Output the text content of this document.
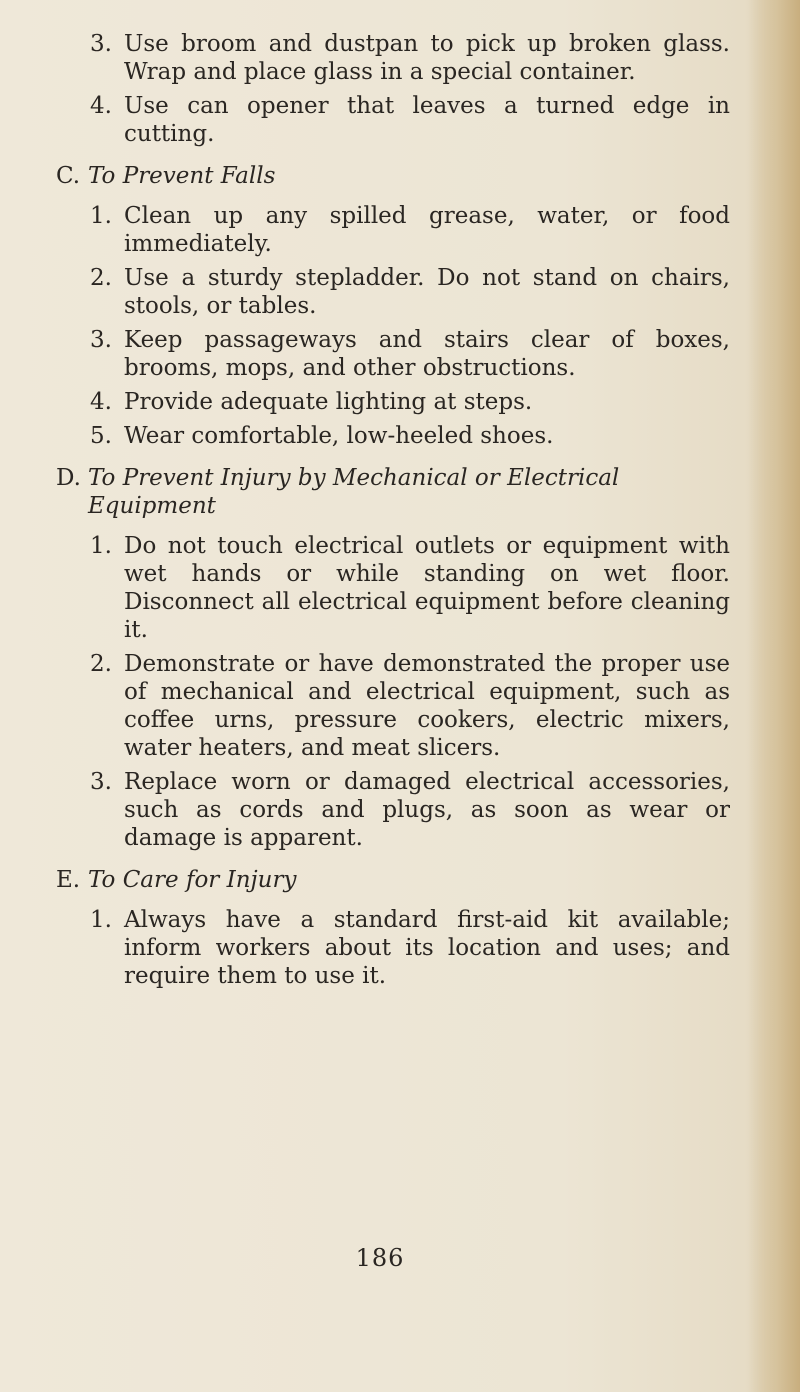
3. Use broom and dustpan to pick up broken glass. Wrap and place glass in a special container.
4. Use can opener that leaves a turned edge in cutting.
C. To Prevent Falls
1. Clean up any spilled grease, water, or food immediately.
2. Use a sturdy stepladder. Do not stand on chairs, stools, or tables.
3. Keep passageways and stairs clear of boxes, brooms, mops, and other obstructions.
4. Provide adequate lighting at steps.
5. Wear comfortable, low-heeled shoes.
D. To Prevent Injury by Mechanical or Electrical Equipment
1. Do not touch electrical outlets or equipment with wet hands or while standing on wet floor. Disconnect all electrical equipment before cleaning it.
2. Demonstrate or have demonstrated the proper use of mechanical and electrical equipment, such as coffee urns, pressure cookers, electric mixers, water heaters, and meat slicers.
3. Replace worn or damaged electrical accessories, such as cords and plugs, as soon as wear or damage is apparent.
E. To Care for Injury
1. Always have a standard first-aid kit available; inform workers about its location and uses; and require them to use it.
186
